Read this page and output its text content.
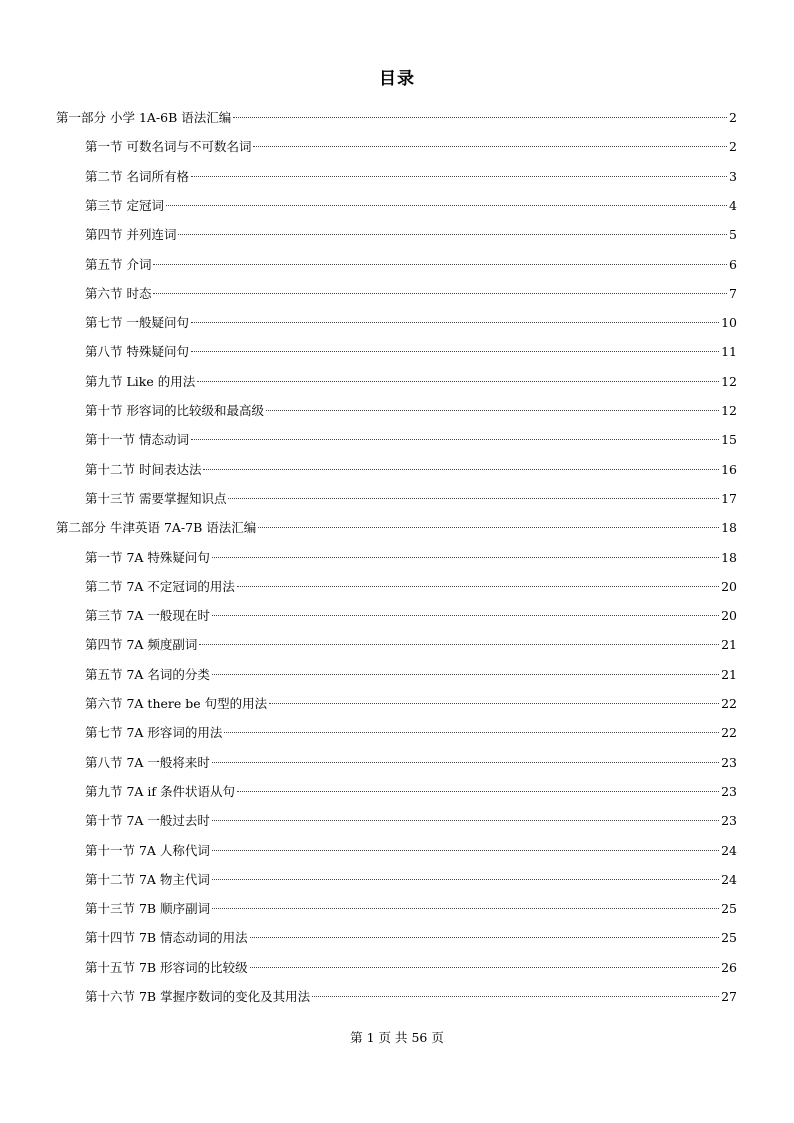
目录
第一部分 小学 1A-6B 语法汇编	2
第一节 可数名词与不可数名词	2
第二节 名词所有格	3
第三节 定冠词	4
第四节 并列连词	5
第五节 介词	6
第六节 时态	7
第七节 一般疑问句	10
第八节 特殊疑问句	11
第九节 Like 的用法	12
第十节 形容词的比较级和最高级	12
第十一节 情态动词	15
第十二节 时间表达法	16
第十三节 需要掌握知识点	17
第二部分 牛津英语 7A-7B 语法汇编	18
第一节 7A 特殊疑问句	18
第二节 7A 不定冠词的用法	20
第三节 7A 一般现在时	20
第四节 7A 频度副词	21
第五节 7A 名词的分类	21
第六节 7A there be 句型的用法	22
第七节 7A 形容词的用法	22
第八节 7A 一般将来时	23
第九节 7A if 条件状语从句	23
第十节 7A 一般过去时	23
第十一节 7A 人称代词	24
第十二节 7A 物主代词	24
第十三节 7B 顺序副词	25
第十四节 7B 情态动词的用法	25
第十五节 7B 形容词的比较级	26
第十六节 7B 掌握序数词的变化及其用法	27
第 1 页 共 56 页
